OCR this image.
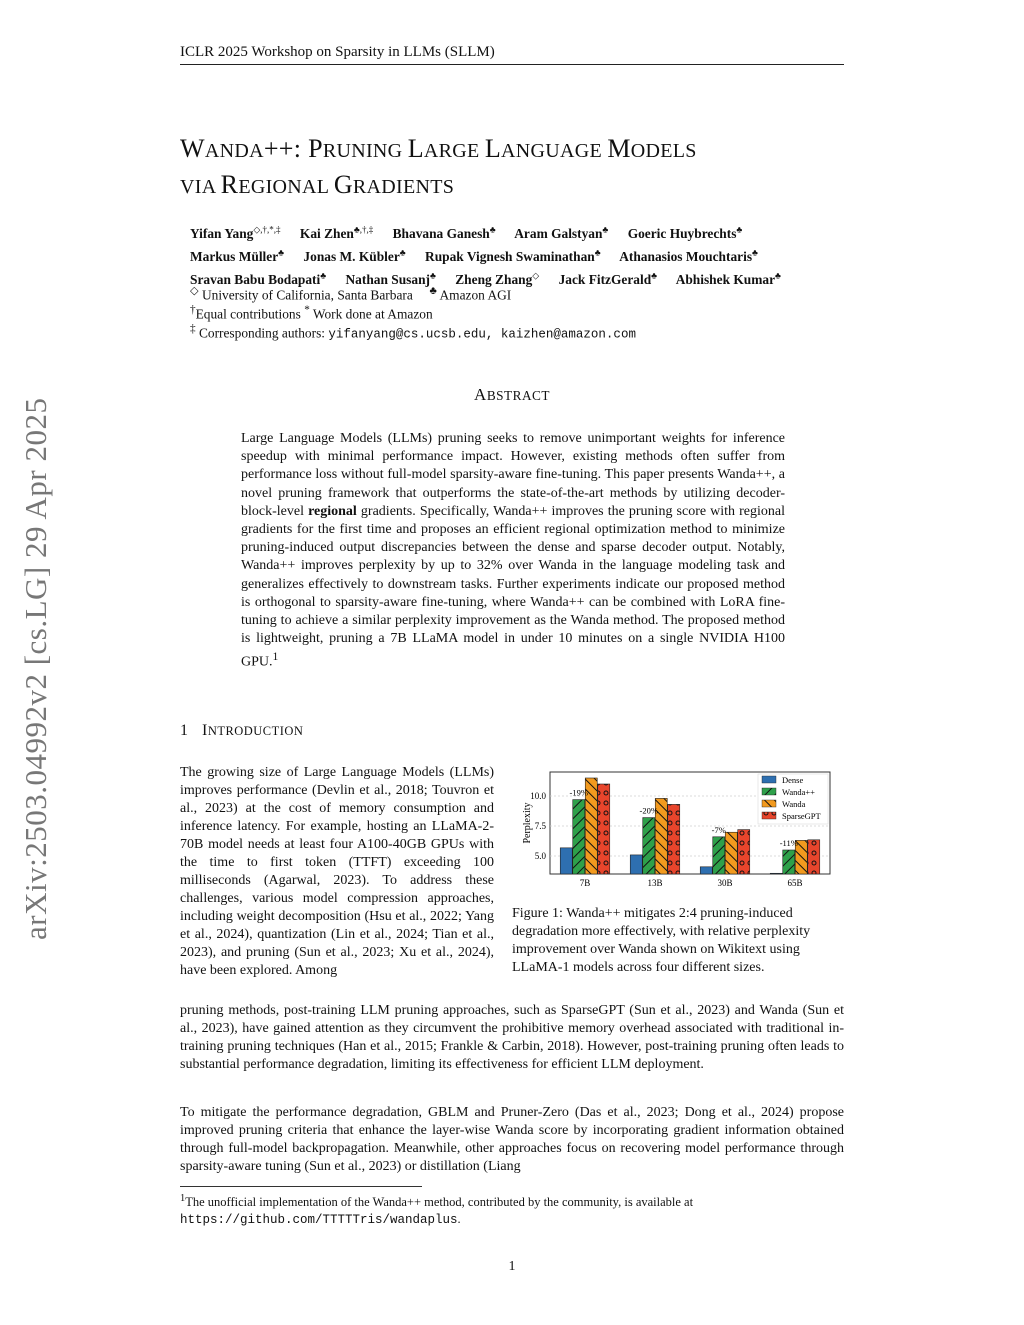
ICLR 2025 Workshop on Sparsity in LLMs (SLLM)
arXiv:2503.04992v2 [cs.LG] 29 Apr 2025
WANDA++: PRUNING LARGE LANGUAGE MODELS
VIA REGIONAL GRADIENTS
Yifan Yang◇,†,*,‡ Kai Zhen♣,†,‡ Bhavana Ganesh♣ Aram Galstyan♣ Goeric Huybrechts♣
Markus Müller♣ Jonas M. Kübler♣ Rupak Vignesh Swaminathan♣ Athanasios Mouchtaris♣
Sravan Babu Bodapati♣ Nathan Susanj♣ Zheng Zhang◇ Jack FitzGerald♣ Abhishek Kumar♣
◇ University of California, Santa Barbara ♣ Amazon AGI
†Equal contributions * Work done at Amazon
‡ Corresponding authors: yifanyang@cs.ucsb.edu, kaizhen@amazon.com
ABSTRACT
Large Language Models (LLMs) pruning seeks to remove unimportant weights for inference speedup with minimal performance impact. However, existing methods often suffer from performance loss without full-model sparsity-aware fine-tuning. This paper presents Wanda++, a novel pruning framework that outperforms the state-of-the-art methods by utilizing decoder-block-level regional gradients. Specifically, Wanda++ improves the pruning score with regional gradients for the first time and proposes an efficient regional optimization method to minimize pruning-induced output discrepancies between the dense and sparse decoder output. Notably, Wanda++ improves perplexity by up to 32% over Wanda in the language modeling task and generalizes effectively to downstream tasks. Further experiments indicate our proposed method is orthogonal to sparsity-aware fine-tuning, where Wanda++ can be combined with LoRA fine-tuning to achieve a similar perplexity improvement as the Wanda method. The proposed method is lightweight, pruning a 7B LLaMA model in under 10 minutes on a single NVIDIA H100 GPU.$^1$
1 INTRODUCTION
The growing size of Large Language Models (LLMs) improves performance (Devlin et al., 2018; Touvron et al., 2023) at the cost of memory consumption and inference latency. For example, hosting an LLaMA-2-70B model needs at least four A100-40GB GPUs with the time to first token (TTFT) exceeding 100 milliseconds (Agarwal, 2023). To address these challenges, various model compression approaches, including weight decomposition (Hsu et al., 2022; Yang et al., 2024), quantization (Lin et al., 2024; Tian et al., 2023), and pruning (Sun et al., 2023; Xu et al., 2024), have been explored. Among
5.0
7.5
10.0
7B
-19%
13B
-20%
30B
-7%
65B
-11%
Dense
Wanda++
Wanda
SparseGPT
Perplexity
Figure 1: Wanda++ mitigates 2:4 pruning-induced degradation more effectively, with relative perplexity improvement over Wanda shown on Wikitext using LLaMA-1 models across four different sizes.
pruning methods, post-training LLM pruning approaches, such as SparseGPT (Sun et al., 2023) and Wanda (Sun et al., 2023), have gained attention as they circumvent the prohibitive memory overhead associated with traditional in-training pruning techniques (Han et al., 2015; Frankle & Carbin, 2018). However, post-training pruning often leads to substantial performance degradation, limiting its effectiveness for efficient LLM deployment.
To mitigate the performance degradation, GBLM and Pruner-Zero (Das et al., 2023; Dong et al., 2024) propose improved pruning criteria that enhance the layer-wise Wanda score by incorporating gradient information obtained through full-model backpropagation. Meanwhile, other approaches focus on recovering model performance through sparsity-aware tuning (Sun et al., 2023) or distillation (Liang
$^1$The unofficial implementation of the Wanda++ method, contributed by the community, is available at
https://github.com/TTTTTris/wandaplus.
1
